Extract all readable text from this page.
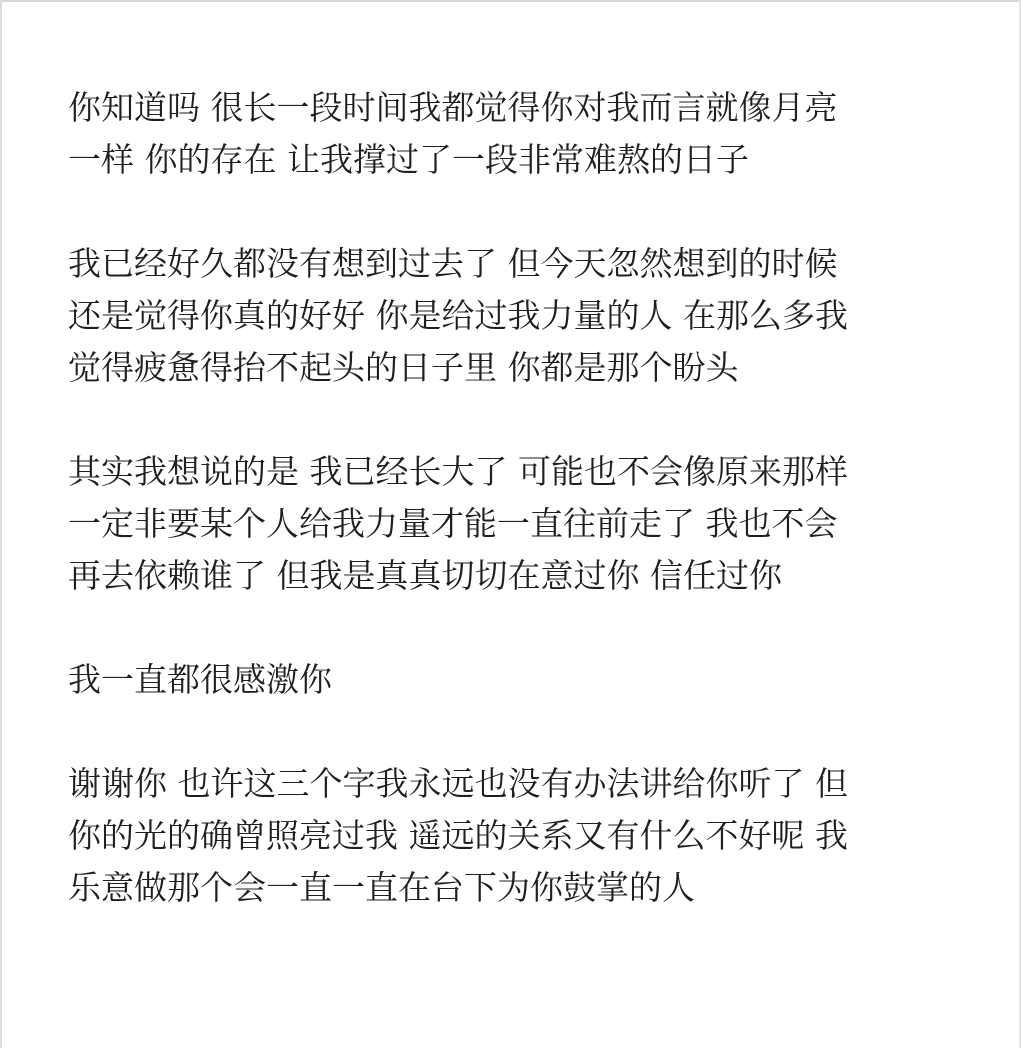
你知道吗 很长一段时间我都觉得你对我而言就像月亮
一样 你的存在 让我撑过了一段非常难熬的日子
我已经好久都没有想到过去了 但今天忽然想到的时候
还是觉得你真的好好 你是给过我力量的人 在那么多我
觉得疲惫得抬不起头的日子里 你都是那个盼头
其实我想说的是 我已经长大了 可能也不会像原来那样
一定非要某个人给我力量才能一直往前走了 我也不会
再去依赖谁了 但我是真真切切在意过你 信任过你
我一直都很感激你
谢谢你 也许这三个字我永远也没有办法讲给你听了 但
你的光的确曾照亮过我 遥远的关系又有什么不好呢 我
乐意做那个会一直一直在台下为你鼓掌的人
